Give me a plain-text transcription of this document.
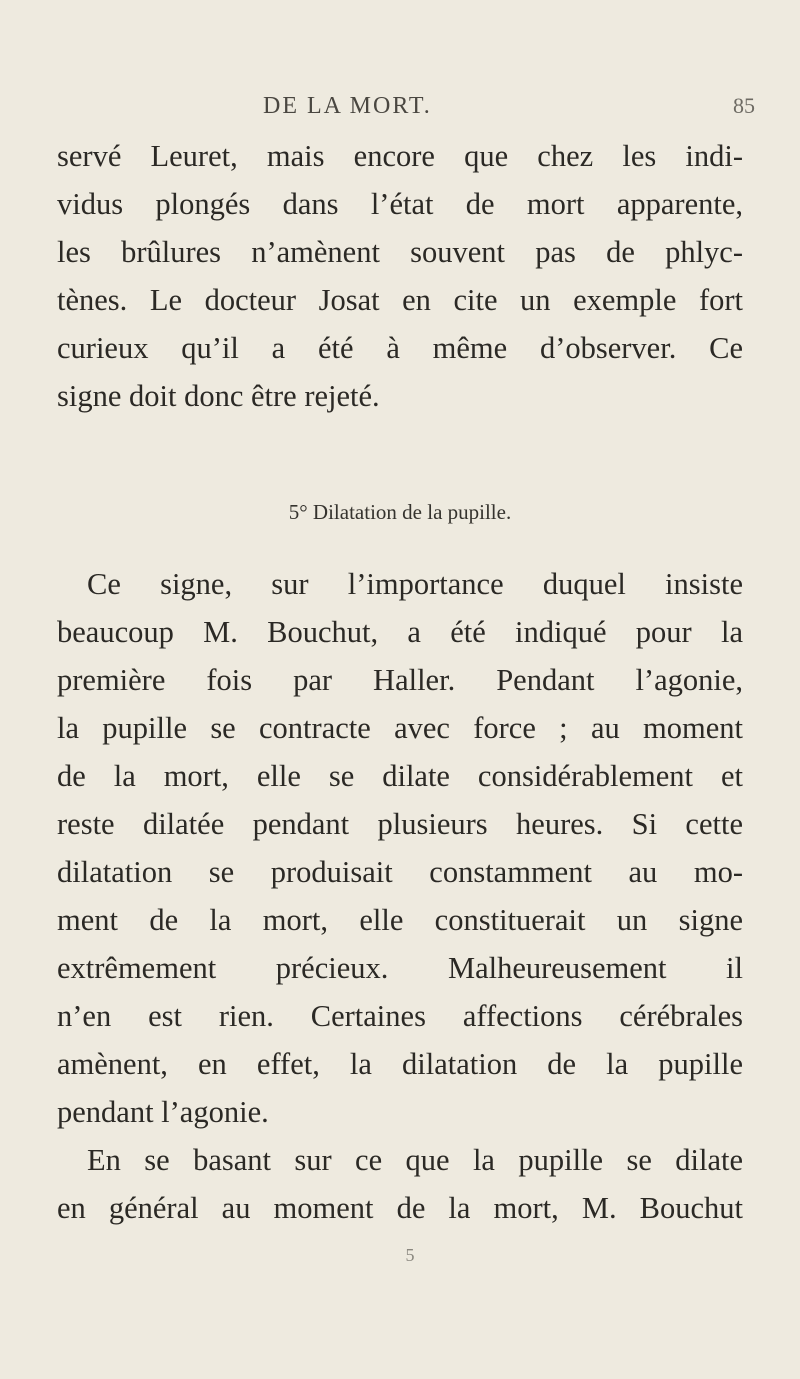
DE LA MORT.	85
servé Leuret, mais encore que chez les indi-
vidus plongés dans l’état de mort apparente,
les brûlures n’amènent souvent pas de phlyc-
tènes. Le docteur Josat en cite un exemple fort
curieux qu’il a été à même d’observer. Ce
signe doit donc être rejeté.
5° Dilatation de la pupille.
Ce signe, sur l’importance duquel insiste
beaucoup M. Bouchut, a été indiqué pour la
première fois par Haller. Pendant l’agonie,
la pupille se contracte avec force ; au moment
de la mort, elle se dilate considérablement et
reste dilatée pendant plusieurs heures. Si cette
dilatation se produisait constamment au mo-
ment de la mort, elle constituerait un signe
extrêmement précieux. Malheureusement il
n’en est rien. Certaines affections cérébrales
amènent, en effet, la dilatation de la pupille
pendant l’agonie.
En se basant sur ce que la pupille se dilate
en général au moment de la mort, M. Bouchut
5
